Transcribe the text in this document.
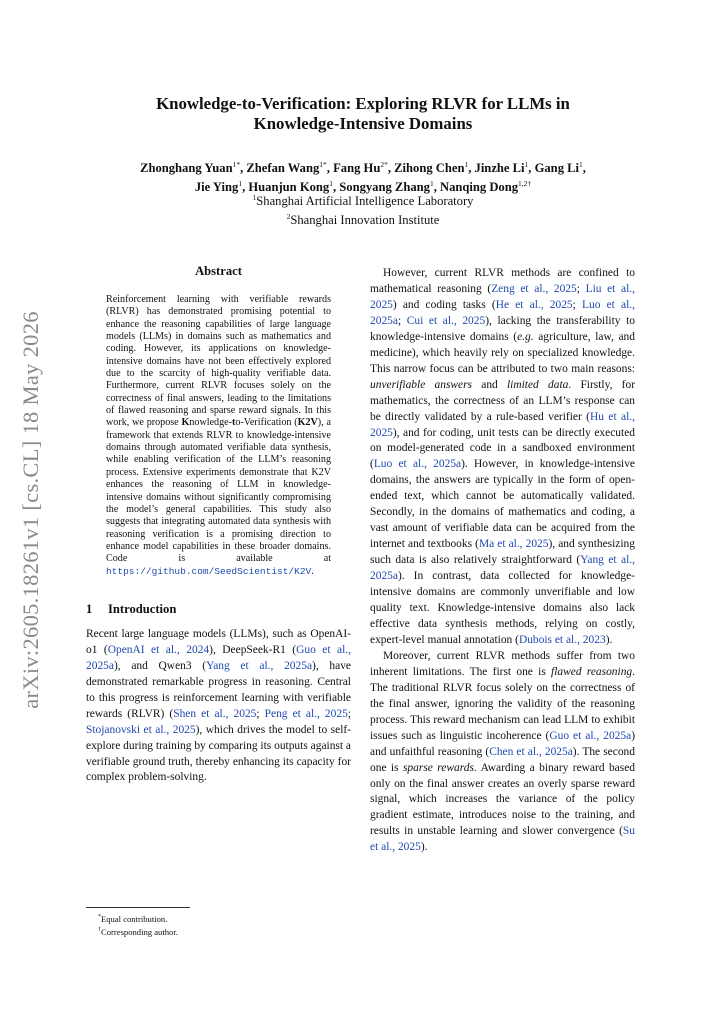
arXiv:2605.18261v1 [cs.CL] 18 May 2026
Knowledge-to-Verification: Exploring RLVR for LLMs in
Knowledge-Intensive Domains
Zhonghang Yuan$^{1*}$, Zhefan Wang$^{1*}$, Fang $Hu^{2*}$, Zihong Chen$^1$, Jinzhe Li$^1$, Gang Li$^1$,
Jie Ying$^1$, Huanjun Kong$^1$, Songyang Zhang$^1$, Nanqing Dong$^{1,2\dagger}$
$^1$Shanghai Artificial Intelligence Laboratory
$^2$Shanghai Innovation Institute
Abstract

Reinforcement learning with verifiable rewards (RLVR) has demonstrated promising potential to enhance the reasoning capabilities of large language models (LLMs) in domains such as mathematics and coding. However, its applications on knowledge-intensive domains have not been effectively explored due to the scarcity of high-quality verifiable data. Furthermore, current RLVR focuses solely on the correctness of final answers, leading to the limitations of flawed reasoning and sparse reward signals. In this work, we propose Knowledge-to-Verification (K2V), a framework that extends RLVR to knowledge-intensive domains through automated verifiable data synthesis, while enabling verification of the LLM’s reasoning process. Extensive experiments demonstrate that K2V enhances the reasoning of LLM in knowledge-intensive domains without significantly compromising the model’s general capabilities. This study also suggests that integrating automated data synthesis with reasoning verification is a promising direction to enhance model capabilities in these broader domains. Code is available at https://github.com/SeedScientist/K2V.

1 Introduction

Recent large language models (LLMs), such as OpenAI-o1 (OpenAI et al., 2024), DeepSeek-R1 (Guo et al., 2025a), and Qwen3 (Yang et al., 2025a), have demonstrated remarkable progress in reasoning. Central to this progress is reinforcement learning with verifiable rewards (RLVR) (Shen et al., 2025; Peng et al., 2025; Stojanovski et al., 2025), which drives the model to self-explore during training by comparing its outputs against a verifiable ground truth, thereby enhancing its capacity for complex problem-solving.

*Equal contribution.
†Corresponding author.

However, current RLVR methods are confined to mathematical reasoning (Zeng et al., 2025; Liu et al., 2025) and coding tasks (He et al., 2025; Luo et al., 2025a; Cui et al., 2025), lacking the transferability to knowledge-intensive domains (e.g. agriculture, law, and medicine), which heavily rely on specialized knowledge. This narrow focus can be attributed to two main reasons: unverifiable answers and limited data. Firstly, for mathematics, the correctness of an LLM’s response can be directly validated by a rule-based verifier (Hu et al., 2025), and for coding, unit tests can be directly executed on model-generated code in a sandboxed environment (Luo et al., 2025a). However, in knowledge-intensive domains, the answers are typically in the form of open-ended text, which cannot be automatically validated. Secondly, in the domains of mathematics and coding, a vast amount of verifiable data can be acquired from the internet and textbooks (Ma et al., 2025), and synthesizing such data is also relatively straightforward (Yang et al., 2025a). In contrast, data collected for knowledge-intensive domains are commonly unverifiable and low quality text. Knowledge-intensive domains also lack effective data synthesis methods, relying on costly, expert-level manual annotation (Dubois et al., 2023).

Moreover, current RLVR methods suffer from two inherent limitations. The first one is flawed reasoning. The traditional RLVR focus solely on the correctness of the final answer, ignoring the validity of the reasoning process. This reward mechanism can lead LLM to exhibit issues such as linguistic incoherence (Guo et al., 2025a) and unfaithful reasoning (Chen et al., 2025a). The second one is sparse rewards. Awarding a binary reward based only on the final answer creates an overly sparse reward signal, which increases the variance of the policy gradient estimate, introduces noise to the training, and results in unstable learning and slower convergence (Su et al., 2025).
